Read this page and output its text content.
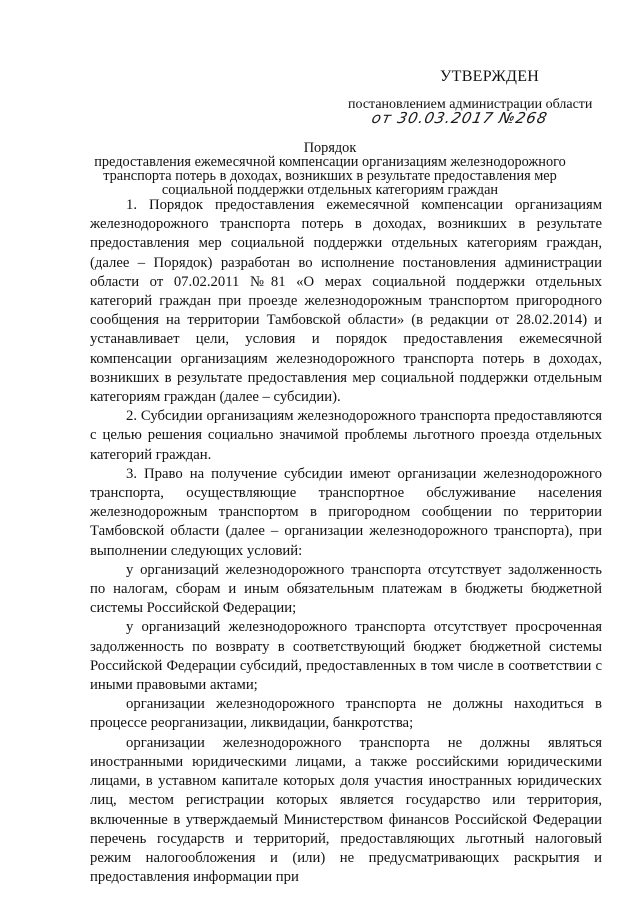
УТВЕРЖДЕН
постановлением администрации области
от 30.03.2017 №268
Порядок
предоставления ежемесячной компенсации организациям железнодорожного
транспорта потерь в доходах, возникших в результате предоставления мер
социальной поддержки отдельных категориям граждан
1. Порядок предоставления ежемесячной компенсации организациям железнодорожного транспорта потерь в доходах, возникших в результате предоставления мер социальной поддержки отдельных категориям граждан, (далее – Порядок) разработан во исполнение постановления администрации области от 07.02.2011 №81 «О мерах социальной поддержки отдельных категорий граждан при проезде железнодорожным транспортом пригородного сообщения на территории Тамбовской области» (в редакции от 28.02.2014) и устанавливает цели, условия и порядок предоставления ежемесячной компенсации организациям железнодорожного транспорта потерь в доходах, возникших в результате предоставления мер социальной поддержки отдельным категориям граждан (далее – субсидии).
2. Субсидии организациям железнодорожного транспорта предоставляются с целью решения социально значимой проблемы льготного проезда отдельных категорий граждан.
3. Право на получение субсидии имеют организации железнодорожного транспорта, осуществляющие транспортное обслуживание населения железнодорожным транспортом в пригородном сообщении по территории Тамбовской области (далее – организации железнодорожного транспорта), при выполнении следующих условий:
у организаций железнодорожного транспорта отсутствует задолженность по налогам, сборам и иным обязательным платежам в бюджеты бюджетной системы Российской Федерации;
у организаций железнодорожного транспорта отсутствует просроченная задолженность по возврату в соответствующий бюджет бюджетной системы Российской Федерации субсидий, предоставленных в том числе в соответствии с иными правовыми актами;
организации железнодорожного транспорта не должны находиться в процессе реорганизации, ликвидации, банкротства;
организации железнодорожного транспорта не должны являться иностранными юридическими лицами, а также российскими юридическими лицами, в уставном капитале которых доля участия иностранных юридических лиц, местом регистрации которых является государство или территория, включенные в утверждаемый Министерством финансов Российской Федерации перечень государств и территорий, предоставляющих льготный налоговый режим налогообложения и (или) не предусматривающих раскрытия и предоставления информации при
